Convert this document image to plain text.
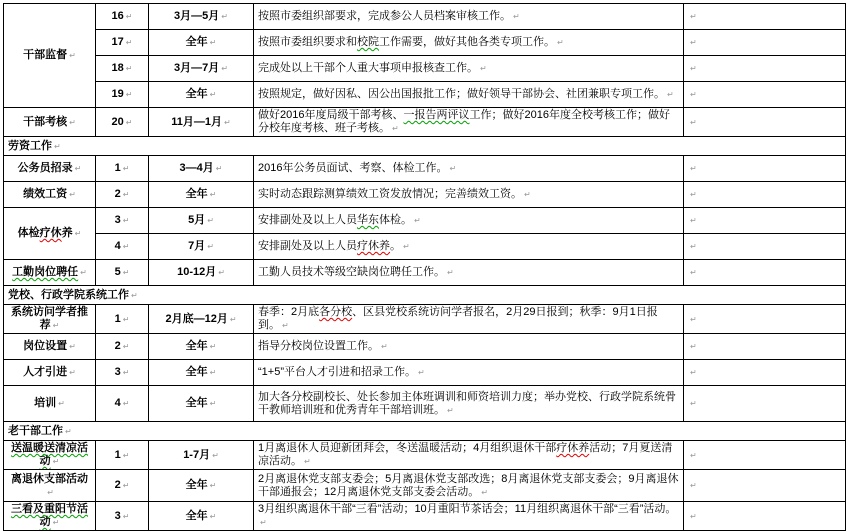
干部监督 ↵	16 ↵	3月—5月 ↵	按照市委组织部要求，完成参公人员档案审核工作。 ↵	↵
	17 ↵	全年 ↵	按照市委组织要求和校院工作需要，做好其他各类专项工作。 ↵	↵
	18 ↵	3月—7月 ↵	完成处以上干部个人重大事项申报核查工作。 ↵	↵
	19 ↵	全年 ↵	按照规定，做好因私、因公出国报批工作；做好领导干部协会、社团兼职专项工作。 ↵	↵
干部考核 ↵	20 ↵	11月—1月 ↵	做好2016年度局级干部考核、一报告两评议工作；做好2016年度全校考核工作；做好分校年度考核、班子考核。 ↵	↵
劳资工作 ↵				
公务员招录 ↵	1 ↵	3—4月 ↵	2016年公务员面试、考察、体检工作。 ↵	↵
绩效工资 ↵	2 ↵	全年 ↵	实时动态跟踪测算绩效工资发放情况；完善绩效工资。 ↵	↵
体检疗休养 ↵	3 ↵	5月 ↵	安排副处及以上人员华东体检。 ↵	↵
	4 ↵	7月 ↵	安排副处及以上人员疗休养。 ↵	↵
工勤岗位聘任 ↵	5 ↵	10-12月 ↵	工勤人员技术等级空缺岗位聘任工作。 ↵	↵
党校、行政学院系统工作 ↵				
系统访问学者推荐 ↵	1 ↵	2月底—12月 ↵	春季：2月底各分校、区县党校系统访问学者报名，2月29日报到；秋季：9月1日报到。 ↵	↵
岗位设置 ↵	2 ↵	全年 ↵	指导分校岗位设置工作。 ↵	↵
人才引进 ↵	3 ↵	全年 ↵	“1+5”平台人才引进和招录工作。 ↵	↵
培训 ↵	4 ↵	全年 ↵	加大各分校副校长、处长参加主体班调训和师资培训力度；举办党校、行政学院系统骨干教师培训班和优秀青年干部培训班。 ↵	↵
老干部工作 ↵				
送温暖送清凉活动 ↵	1 ↵	1-7月 ↵	1月离退休人员迎新团拜会，冬送温暖活动；4月组织退休干部疗休养活动；7月夏送清凉活动。 ↵	↵
离退休支部活动↵	2 ↵	全年 ↵	2月离退休党支部支委会；5月离退休党支部改选；8月离退休党支部支委会；9月离退休干部通报会；12月离退休党支部支委会活动。 ↵	↵
三看及重阳节活动 ↵	3 ↵	全年 ↵	3月组织离退休干部“三看”活动；10月重阳节茶话会；11月组织离退休干部“三看”活动。↵	↵
